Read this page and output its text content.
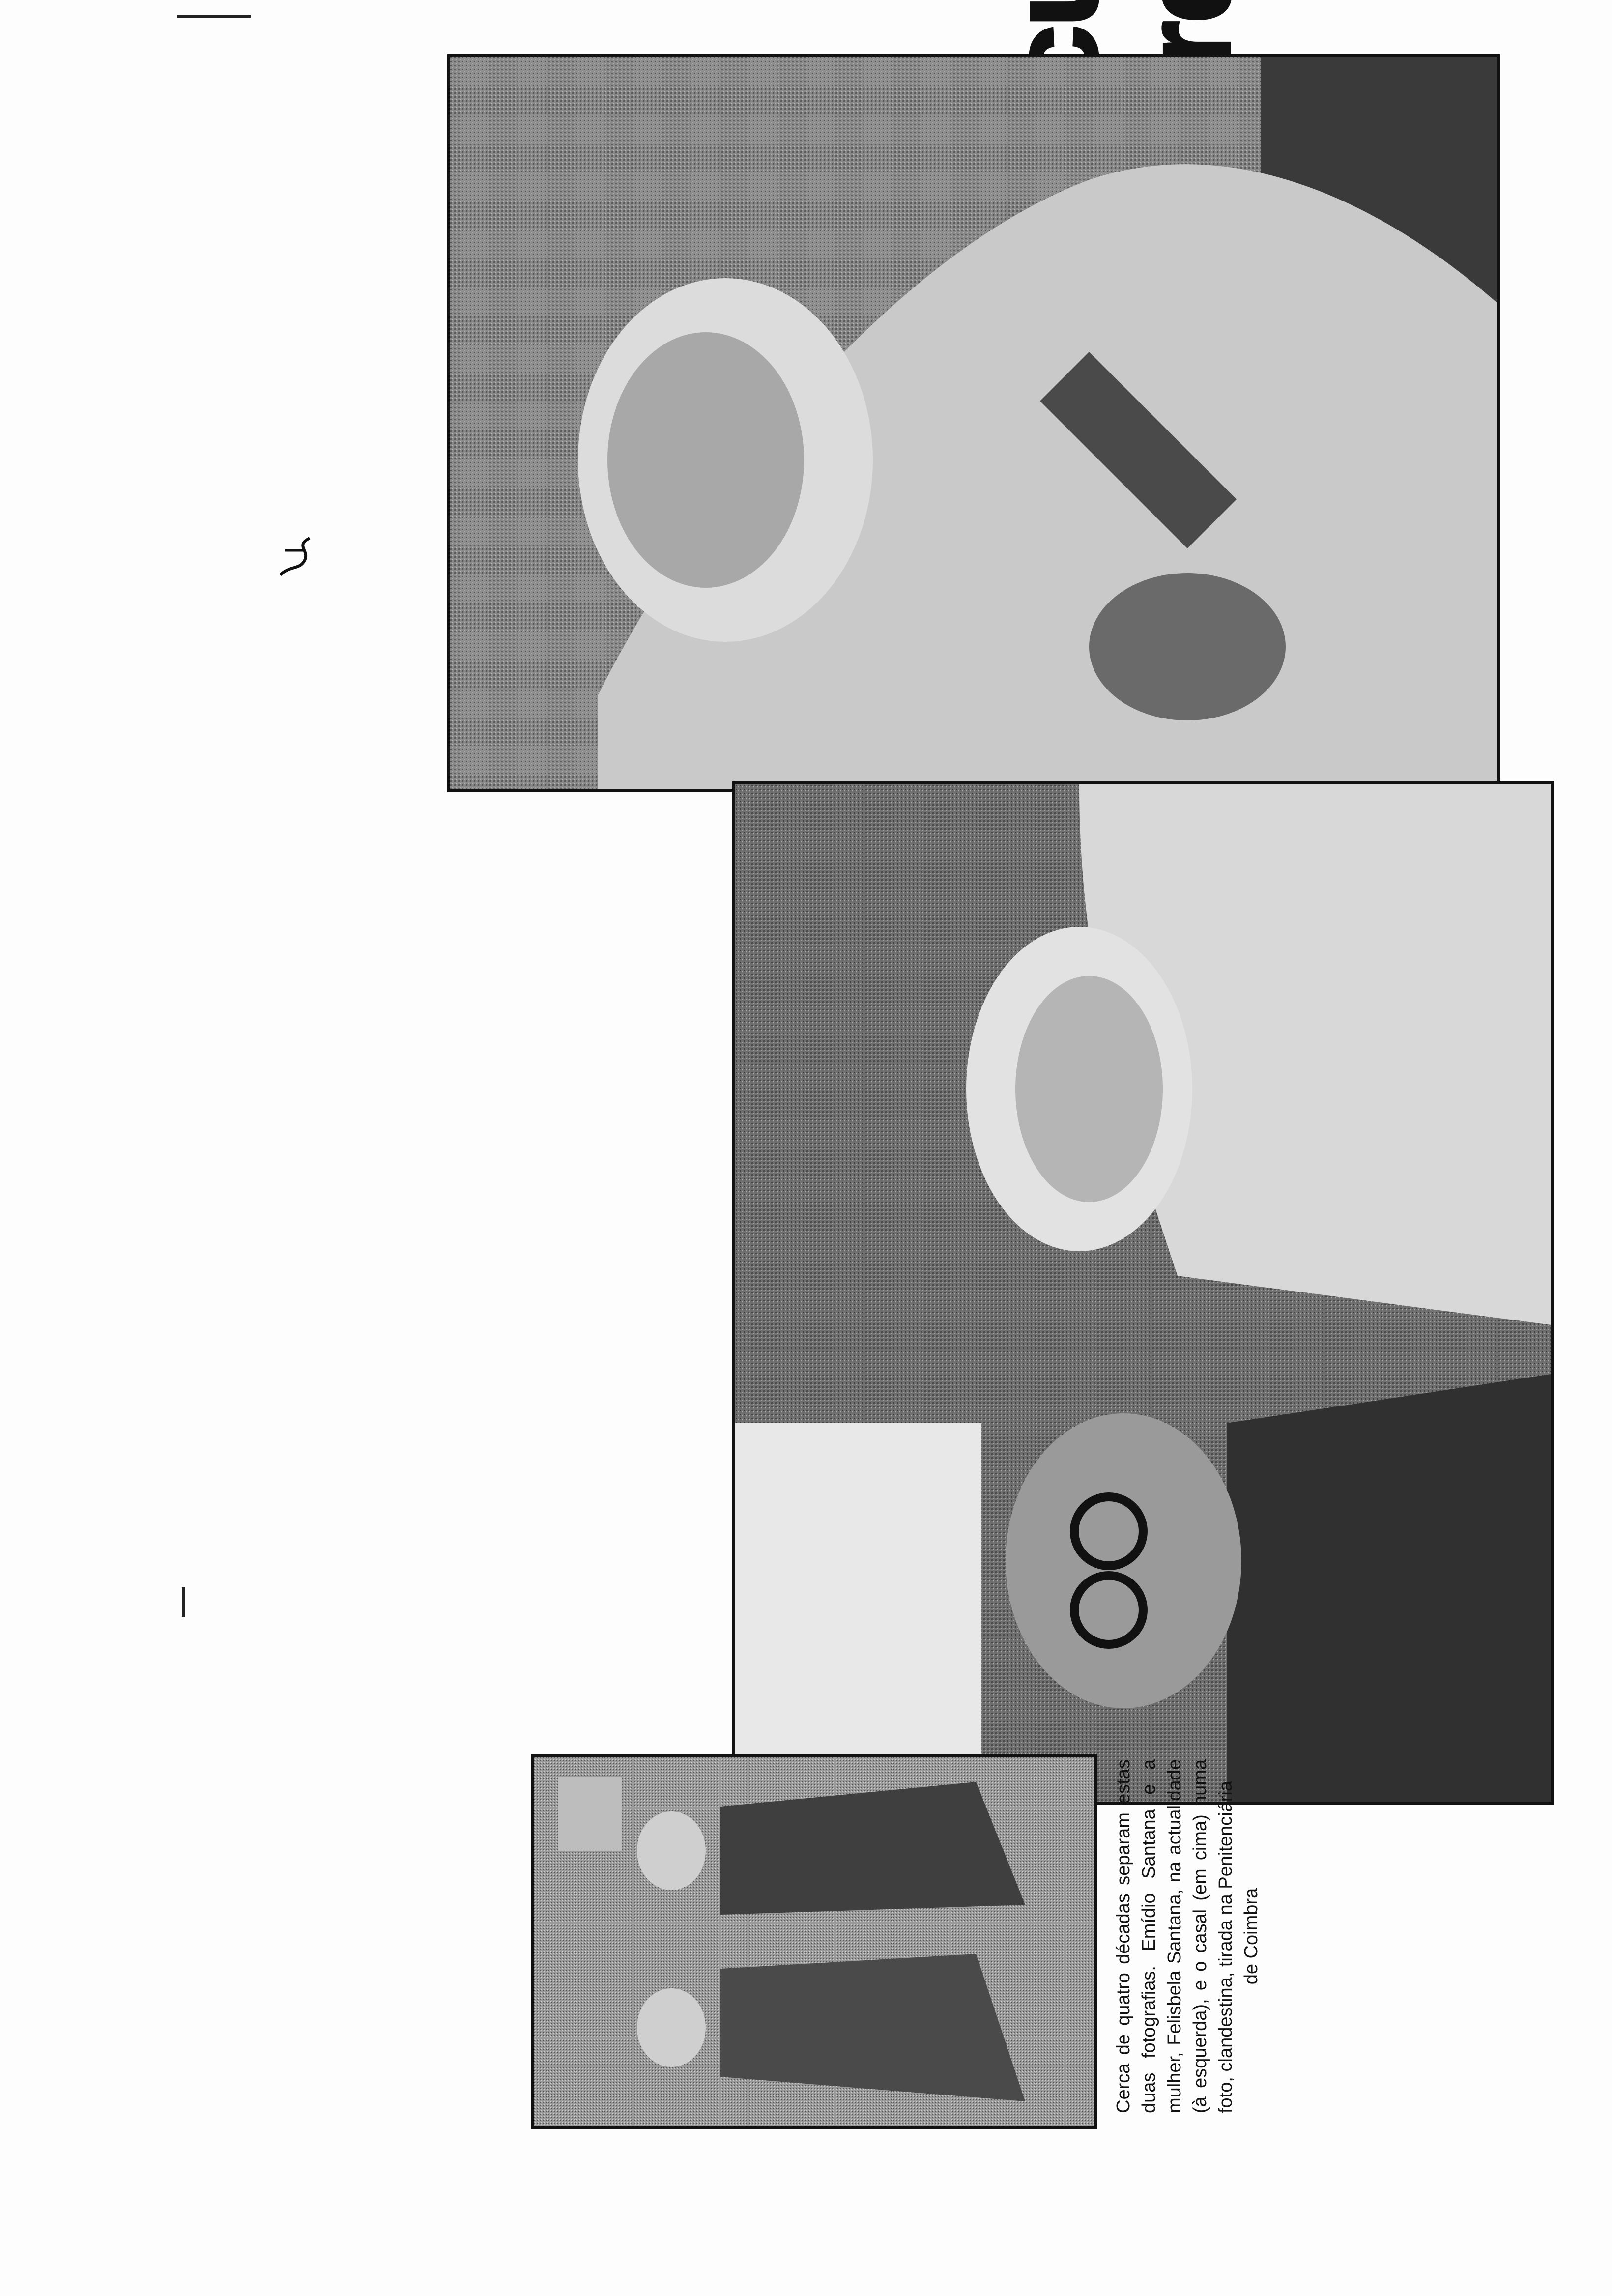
Cerca de quatro décadas separam estas duas fotografias. Emídio Santana e a mulher, Felisbela Santana, na actualidade (à esquerda), e o casal (em cima) numa foto, clandestina, tirada na Penitenciária de Coimbra
